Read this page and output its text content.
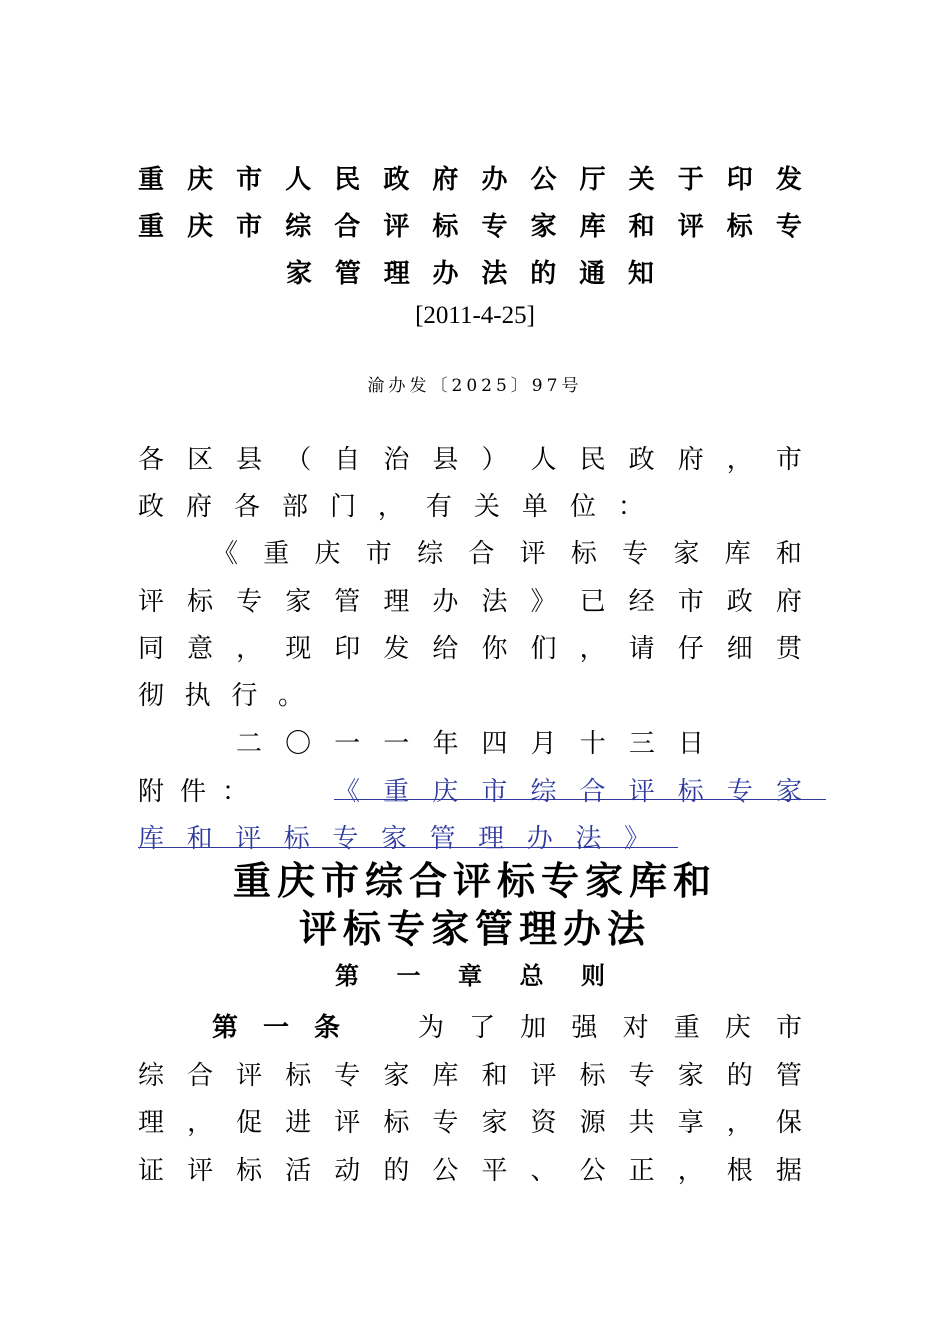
重 庆 市 人 民 政 府 办 公 厅 关 于 印 发
重 庆 市 综 合 评 标 专 家 库 和 评 标 专
家 管 理 办 法 的 通 知
[2011-4-25]
渝办发〔2025〕97号
各 区 县 （ 自 治 县 ） 人 民 政 府 ， 市
政 府 各 部 门 ， 有 关 单 位 ：
《 重 庆 市 综 合 评 标 专 家 库 和
评 标 专 家 管 理 办 法 》 已 经 市 政 府
同 意 ， 现 印 发 给 你 们 ， 请 仔 细 贯
彻 执 行 。
二 〇 一 一 年 四 月 十 三 日
附 件 ：	《 重 庆 市 综 合 评 标 专 家
库 和 评 标 专 家 管 理 办 法 》
重庆市综合评标专家库和
评标专家管理办法
第 一 章 总 则
第 一 条	为 了 加 强 对 重 庆 市
综 合 评 标 专 家 库 和 评 标 专 家 的 管
理 ， 促 进 评 标 专 家 资 源 共 享 ， 保
证 评 标 活 动 的 公 平 、 公 正 ， 根 据
